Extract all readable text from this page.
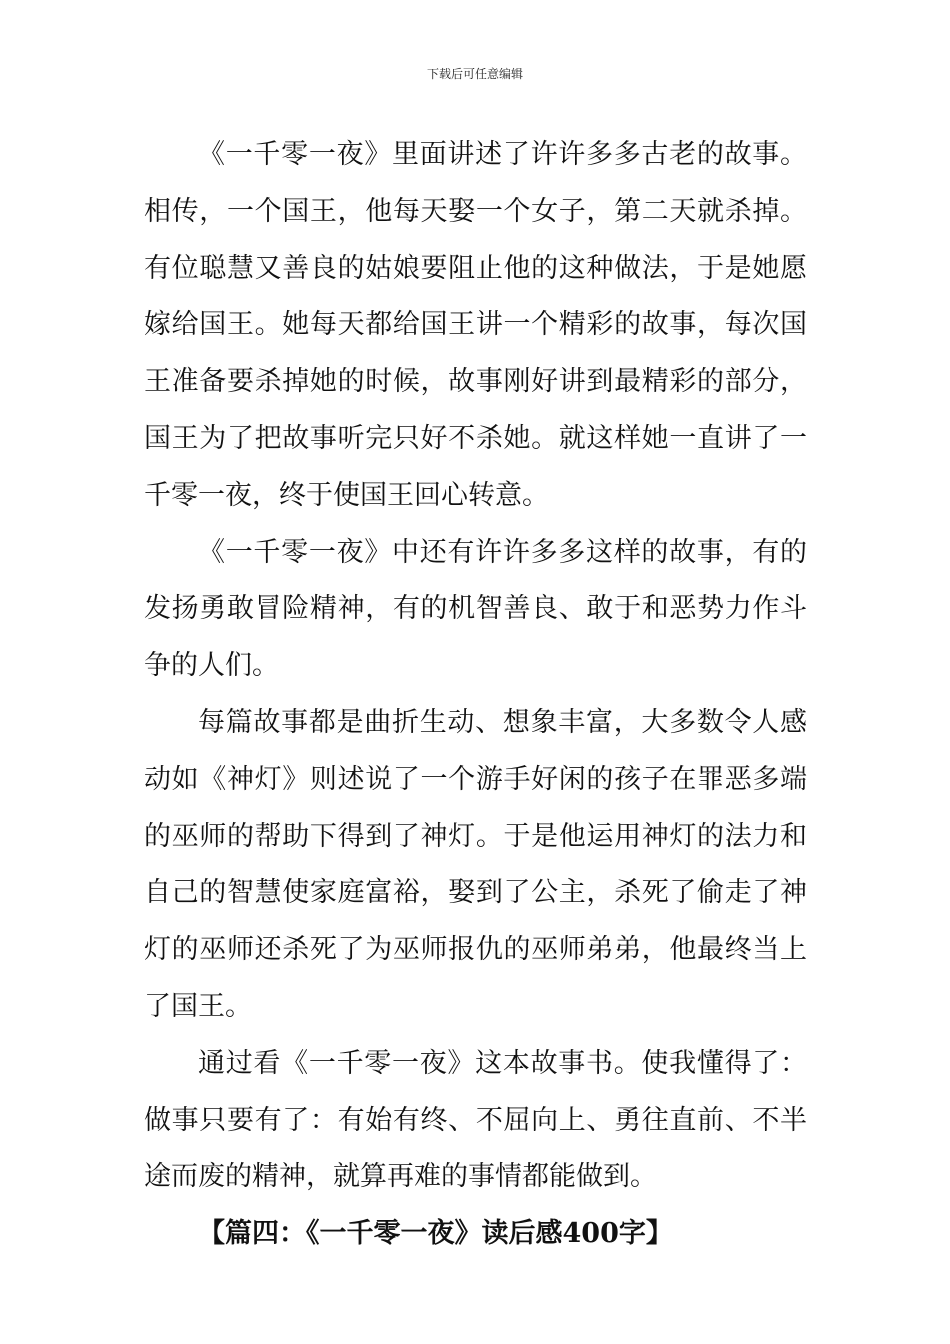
下载后可任意编辑

《一千零一夜》里面讲述了许许多多古老的故事。相传，一个国王，他每天娶一个女子，第二天就杀掉。有位聪慧又善良的姑娘要阻止他的这种做法，于是她愿嫁给国王。她每天都给国王讲一个精彩的故事，每次国王准备要杀掉她的时候，故事刚好讲到最精彩的部分，国王为了把故事听完只好不杀她。就这样她一直讲了一千零一夜，终于使国王回心转意。

《一千零一夜》中还有许许多多这样的故事，有的发扬勇敢冒险精神，有的机智善良、敢于和恶势力作斗争的人们。

每篇故事都是曲折生动、想象丰富，大多数令人感动如《神灯》则述说了一个游手好闲的孩子在罪恶多端的巫师的帮助下得到了神灯。于是他运用神灯的法力和自己的智慧使家庭富裕，娶到了公主，杀死了偷走了神灯的巫师还杀死了为巫师报仇的巫师弟弟，他最终当上了国王。

通过看《一千零一夜》这本故事书。使我懂得了：做事只要有了：有始有终、不屈向上、勇往直前、不半途而废的精神，就算再难的事情都能做到。

【篇四：《一千零一夜》读后感400字】
